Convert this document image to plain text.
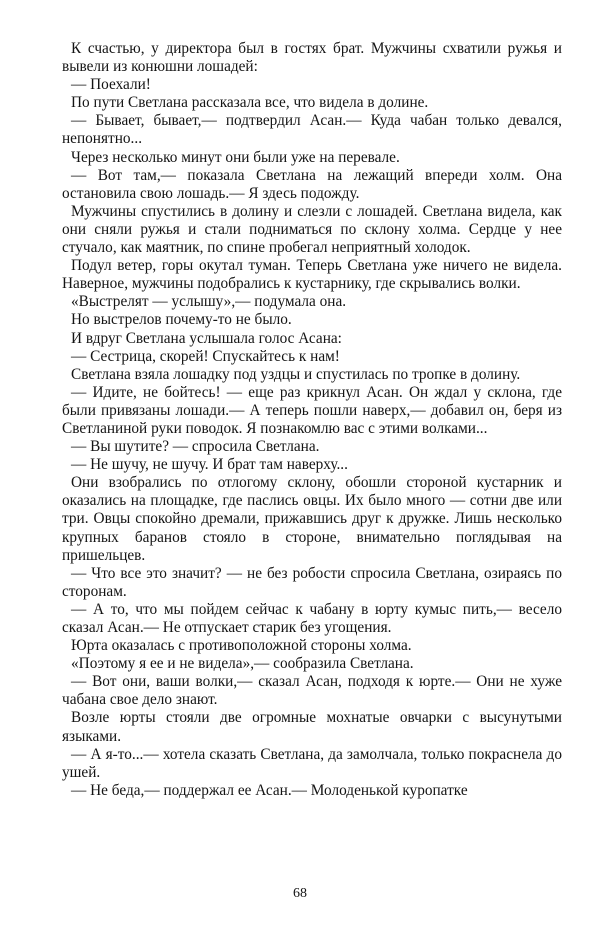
К счастью, у директора был в гостях брат. Мужчины схватили ружья и вывели из конюшни лошадей:

— Поехали!

По пути Светлана рассказала все, что видела в долине.

— Бывает, бывает,— подтвердил Асан.— Куда чабан только девался, непонятно...

Через несколько минут они были уже на перевале.

— Вот там,— показала Светлана на лежащий впереди холм. Она остановила свою лошадь.— Я здесь подожду.

Мужчины спустились в долину и слезли с лошадей. Светлана видела, как они сняли ружья и стали подниматься по склону холма. Сердце у нее стучало, как маятник, по спине пробегал неприятный холодок.

Подул ветер, горы окутал туман. Теперь Светлана уже ничего не видела. Наверное, мужчины подобрались к кустарнику, где скрывались волки.

«Выстрелят — услышу»,— подумала она.

Но выстрелов почему-то не было.

И вдруг Светлана услышала голос Асана:

— Сестрица, скорей! Спускайтесь к нам!

Светлана взяла лошадку под уздцы и спустилась по тропке в долину.

— Идите, не бойтесь! — еще раз крикнул Асан. Он ждал у склона, где были привязаны лошади.— А теперь пошли наверх,— добавил он, беря из Светланиной руки поводок. Я познакомлю вас с этими волками...

— Вы шутите? — спросила Светлана.

— Не шучу, не шучу. И брат там наверху...

Они взобрались по отлогому склону, обошли стороной кустарник и оказались на площадке, где паслись овцы. Их было много — сотни две или три. Овцы спокойно дремали, прижавшись друг к дружке. Лишь несколько крупных баранов стояло в стороне, внимательно поглядывая на пришельцев.

— Что все это значит? — не без робости спросила Светлана, озираясь по сторонам.

— А то, что мы пойдем сейчас к чабану в юрту кумыс пить,— весело сказал Асан.— Не отпускает старик без угощения.

Юрта оказалась с противоположной стороны холма.

«Поэтому я ее и не видела»,— сообразила Светлана.

— Вот они, ваши волки,— сказал Асан, подходя к юрте.— Они не хуже чабана свое дело знают.

Возле юрты стояли две огромные мохнатые овчарки с высунутыми языками.

— А я-то...— хотела сказать Светлана, да замолчала, только покраснела до ушей.

— Не беда,— поддержал ее Асан.— Молоденькой куропатке

68
